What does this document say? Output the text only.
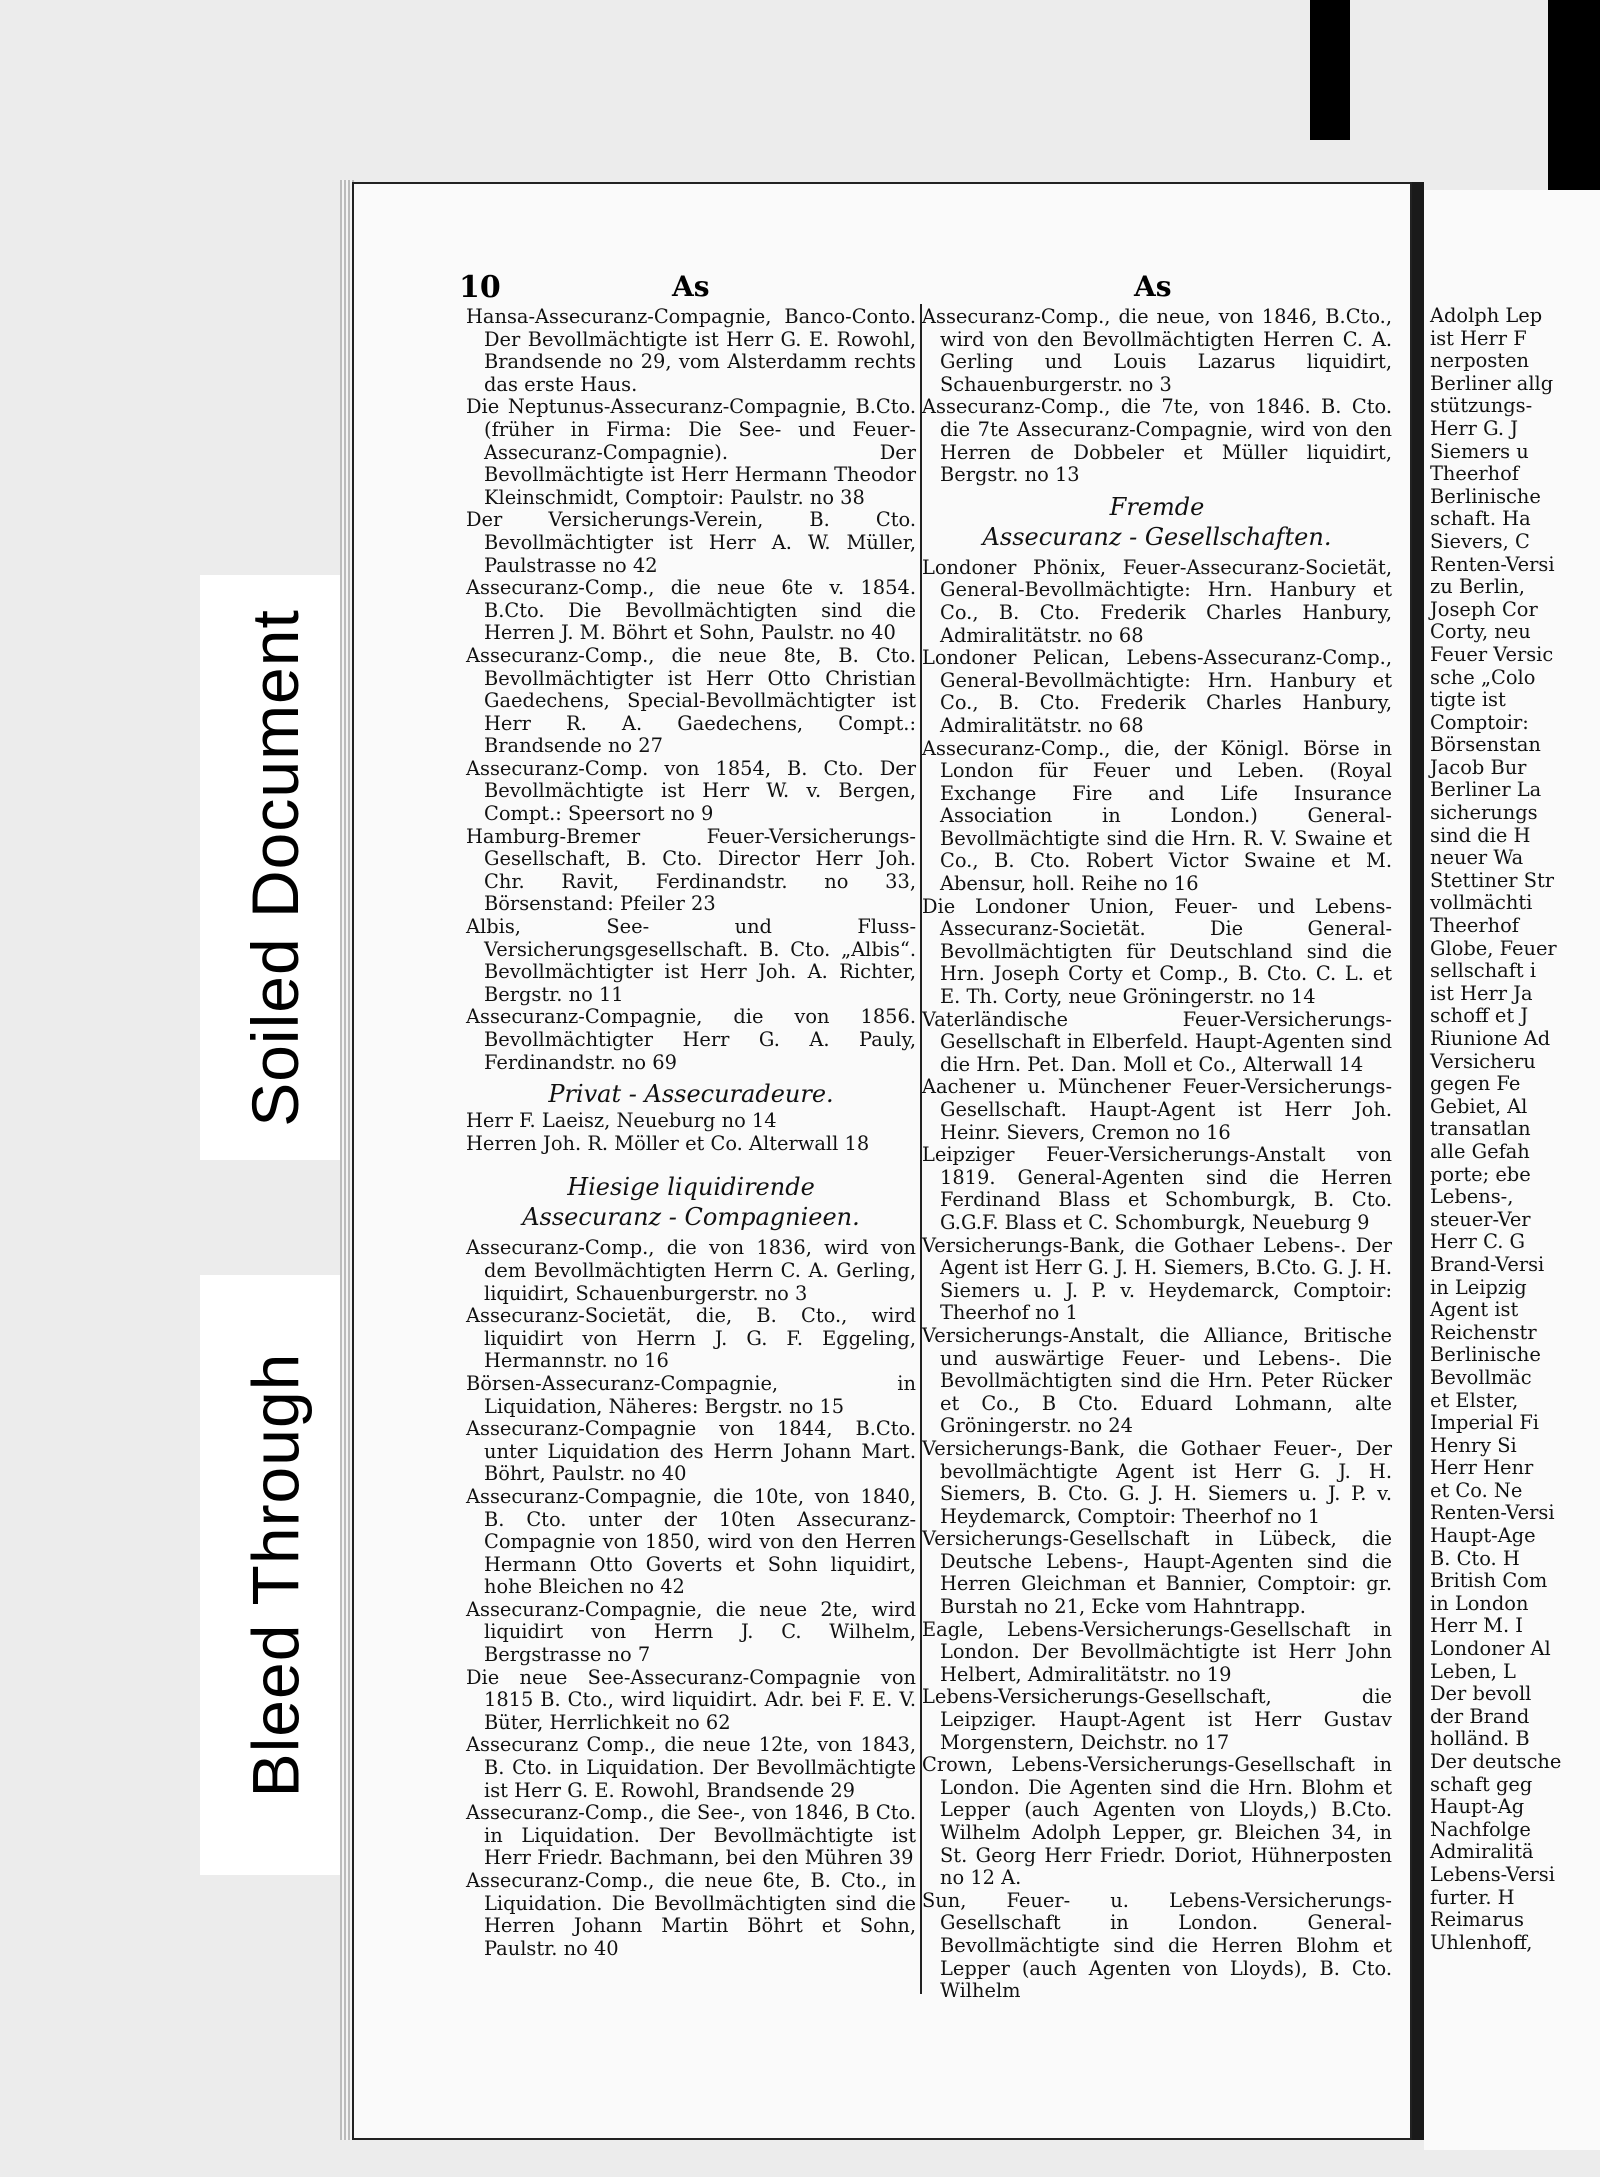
Soiled Document
Bleed Through
10	As	As

Hansa-Assecuranz-Compagnie, Banco-Conto. Der Bevollmächtigte ist Herr G. E. Rowohl, Brandsende no 29, vom Alsterdamm rechts das erste Haus.

Die Neptunus-Assecuranz-Compagnie, B.Cto. (früher in Firma: Die See- und Feuer-Assecuranz-Compagnie). Der Bevollmächtigte ist Herr Hermann Theodor Kleinschmidt, Comptoir: Paulstr. no 38

Der Versicherungs-Verein, B. Cto. Bevollmächtigter ist Herr A. W. Müller, Paulstrasse no 42

Assecuranz-Comp., die neue 6te v. 1854. B.Cto. Die Bevollmächtigten sind die Herren J. M. Böhrt et Sohn, Paulstr. no 40

Assecuranz-Comp., die neue 8te, B. Cto. Bevollmächtigter ist Herr Otto Christian Gaedechens, Special-Bevollmächtigter ist Herr R. A. Gaedechens, Compt.: Brandsende no 27

Assecuranz-Comp. von 1854, B. Cto. Der Bevollmächtigte ist Herr W. v. Bergen, Compt.: Speersort no 9

Hamburg-Bremer Feuer-Versicherungs-Gesellschaft, B. Cto. Director Herr Joh. Chr. Ravit, Ferdinandstr. no 33, Börsenstand: Pfeiler 23

Albis, See- und Fluss-Versicherungsgesellschaft. B. Cto. „Albis“. Bevollmächtigter ist Herr Joh. A. Richter, Bergstr. no 11

Assecuranz-Compagnie, die von 1856. Bevollmächtigter Herr G. A. Pauly, Ferdinandstr. no 69

Privat - Assecuradeure.

Herr F. Laeisz, Neueburg no 14

Herren Joh. R. Möller et Co. Alterwall 18

Hiesige liquidirende
Assecuranz - Compagnieen.

Assecuranz-Comp., die von 1836, wird von dem Bevollmächtigten Herrn C. A. Gerling, liquidirt, Schauenburgerstr. no 3

Assecuranz-Societät, die, B. Cto., wird liquidirt von Herrn J. G. F. Eggeling, Hermannstr. no 16

Börsen-Assecuranz-Compagnie, in Liquidation, Näheres: Bergstr. no 15

Assecuranz-Compagnie von 1844, B.Cto. unter Liquidation des Herrn Johann Mart. Böhrt, Paulstr. no 40

Assecuranz-Compagnie, die 10te, von 1840, B. Cto. unter der 10ten Assecuranz-Compagnie von 1850, wird von den Herren Hermann Otto Goverts et Sohn liquidirt, hohe Bleichen no 42

Assecuranz-Compagnie, die neue 2te, wird liquidirt von Herrn J. C. Wilhelm, Bergstrasse no 7

Die neue See-Assecuranz-Compagnie von 1815 B. Cto., wird liquidirt. Adr. bei F. E. V. Büter, Herrlichkeit no 62

Assecuranz Comp., die neue 12te, von 1843, B. Cto. in Liquidation. Der Bevollmächtigte ist Herr G. E. Rowohl, Brandsende 29

Assecuranz-Comp., die See-, von 1846, B Cto. in Liquidation. Der Bevollmächtigte ist Herr Friedr. Bachmann, bei den Mühren 39

Assecuranz-Comp., die neue 6te, B. Cto., in Liquidation. Die Bevollmächtigten sind die Herren Johann Martin Böhrt et Sohn, Paulstr. no 40

Assecuranz-Comp., die neue, von 1846, B.Cto., wird von den Bevollmächtigten Herren C. A. Gerling und Louis Lazarus liquidirt, Schauenburgerstr. no 3

Assecuranz-Comp., die 7te, von 1846. B. Cto. die 7te Assecuranz-Compagnie, wird von den Herren de Dobbeler et Müller liquidirt, Bergstr. no 13

Fremde
Assecuranz - Gesellschaften.

Londoner Phönix, Feuer-Assecuranz-Societät, General-Bevollmächtigte: Hrn. Hanbury et Co., B. Cto. Frederik Charles Hanbury, Admiralitätstr. no 68

Londoner Pelican, Lebens-Assecuranz-Comp., General-Bevollmächtigte: Hrn. Hanbury et Co., B. Cto. Frederik Charles Hanbury, Admiralitätstr. no 68

Assecuranz-Comp., die, der Königl. Börse in London für Feuer und Leben. (Royal Exchange Fire and Life Insurance Association in London.) General-Bevollmächtigte sind die Hrn. R. V. Swaine et Co., B. Cto. Robert Victor Swaine et M. Abensur, holl. Reihe no 16

Die Londoner Union, Feuer- und Lebens-Assecuranz-Societät. Die General-Bevollmächtigten für Deutschland sind die Hrn. Joseph Corty et Comp., B. Cto. C. L. et E. Th. Corty, neue Gröningerstr. no 14

Vaterländische Feuer-Versicherungs-Gesellschaft in Elberfeld. Haupt-Agenten sind die Hrn. Pet. Dan. Moll et Co., Alterwall 14

Aachener u. Münchener Feuer-Versicherungs-Gesellschaft. Haupt-Agent ist Herr Joh. Heinr. Sievers, Cremon no 16

Leipziger Feuer-Versicherungs-Anstalt von 1819. General-Agenten sind die Herren Ferdinand Blass et Schomburgk, B. Cto. G.G.F. Blass et C. Schomburgk, Neueburg 9

Versicherungs-Bank, die Gothaer Lebens-. Der Agent ist Herr G. J. H. Siemers, B.Cto. G. J. H. Siemers u. J. P. v. Heydemarck, Comptoir: Theerhof no 1

Versicherungs-Anstalt, die Alliance, Britische und auswärtige Feuer- und Lebens-. Die Bevollmächtigten sind die Hrn. Peter Rücker et Co., B Cto. Eduard Lohmann, alte Gröningerstr. no 24

Versicherungs-Bank, die Gothaer Feuer-, Der bevollmächtigte Agent ist Herr G. J. H. Siemers, B. Cto. G. J. H. Siemers u. J. P. v. Heydemarck, Comptoir: Theerhof no 1

Versicherungs-Gesellschaft in Lübeck, die Deutsche Lebens-, Haupt-Agenten sind die Herren Gleichman et Bannier, Comptoir: gr. Burstah no 21, Ecke vom Hahntrapp.

Eagle, Lebens-Versicherungs-Gesellschaft in London. Der Bevollmächtigte ist Herr John Helbert, Admiralitätstr. no 19

Lebens-Versicherungs-Gesellschaft, die Leipziger. Haupt-Agent ist Herr Gustav Morgenstern, Deichstr. no 17

Crown, Lebens-Versicherungs-Gesellschaft in London. Die Agenten sind die Hrn. Blohm et Lepper (auch Agenten von Lloyds,) B.Cto. Wilhelm Adolph Lepper, gr. Bleichen 34, in St. Georg Herr Friedr. Doriot, Hühnerposten no 12 A.

Sun, Feuer- u. Lebens-Versicherungs-Gesellschaft in London. General-Bevollmächtigte sind die Herren Blohm et Lepper (auch Agenten von Lloyds), B. Cto. Wilhelm

Adolph Lep

ist Herr F

nerposten

Berliner allg

stützungs-

Herr G. J

Siemers u

Theerhof

Berlinische

schaft. Ha

Sievers, C

Renten-Versi

zu Berlin,

Joseph Cor

Corty, neu

Feuer Versic

sche „Colo

tigte ist

Comptoir:

Börsenstan

Jacob Bur

Berliner La

sicherungs

sind die H

neuer Wa

Stettiner Str

vollmächti

Theerhof

Globe, Feuer

sellschaft i

ist Herr Ja

schoff et J

Riunione Ad

Versicheru

gegen Fe

Gebiet, Al

transatlan

alle Gefah

porte; ebe

Lebens-,

steuer-Ver

Herr C. G

Brand-Versi

in Leipzig

Agent ist

Reichenstr

Berlinische

Bevollmäc

et Elster,

Imperial Fi

Henry Si

Herr Henr

et Co. Ne

Renten-Versi

Haupt-Age

B. Cto. H

British Com

in London

Herr M. I

Londoner Al

Leben, L

Der bevoll

der Brand

holländ. B

Der deutsche

schaft geg

Haupt-Ag

Nachfolge

Admiralitä

Lebens-Versi

furter. H

Reimarus

Uhlenhoff,
